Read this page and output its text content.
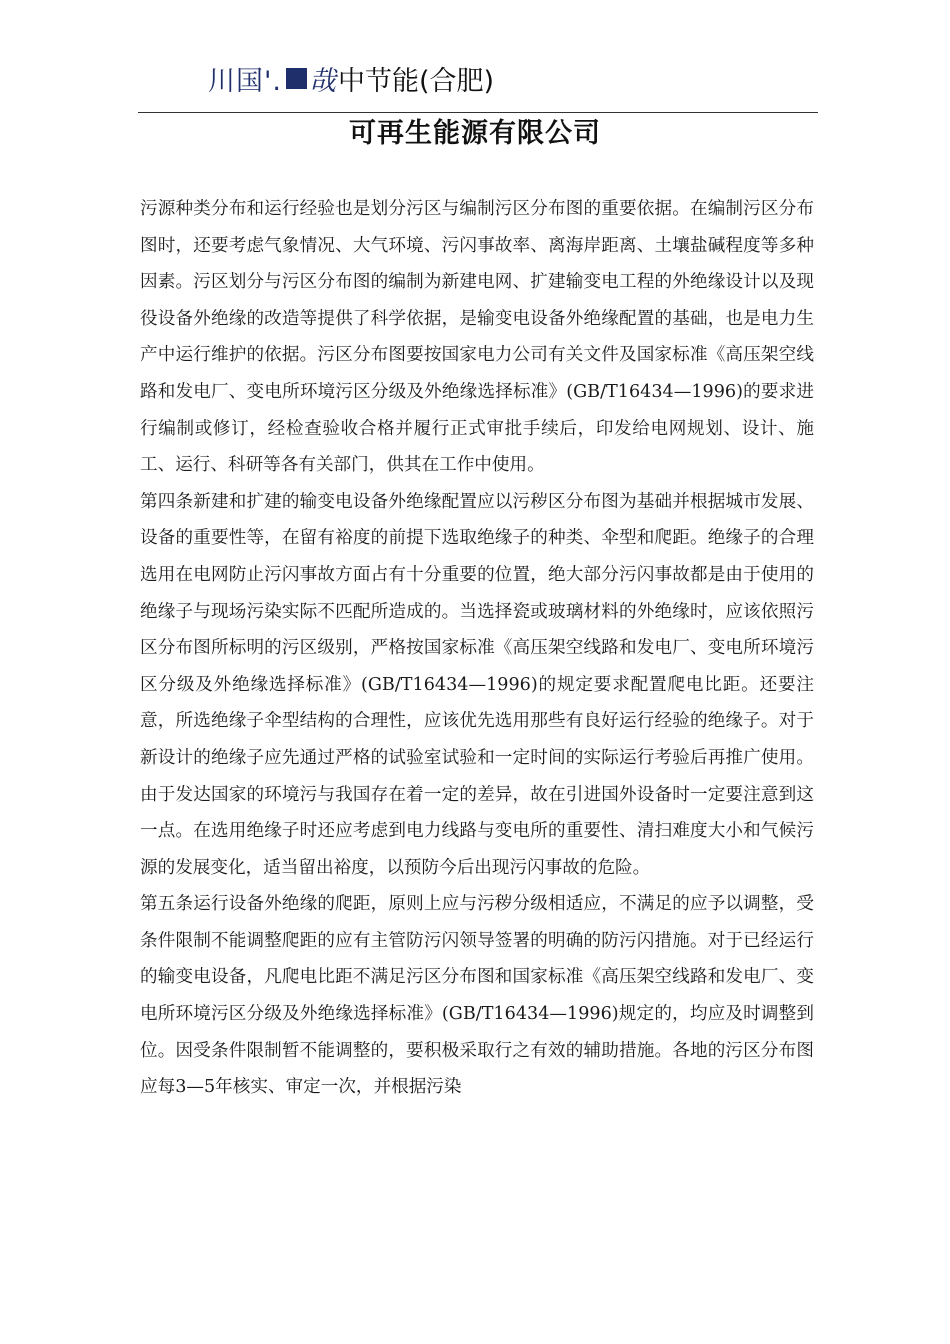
川国'. 哉 中节能(合肥)
可再生能源有限公司

污源种类分布和运行经验也是划分污区与编制污区分布图的重要依据。在编制污区分布图时，还要考虑气象情况、大气环境、污闪事故率、离海岸距离、土壤盐碱程度等多种因素。污区划分与污区分布图的编制为新建电网、扩建输变电工程的外绝缘设计以及现役设备外绝缘的改造等提供了科学依据，是输变电设备外绝缘配置的基础，也是电力生产中运行维护的依据。污区分布图要按国家电力公司有关文件及国家标准《高压架空线路和发电厂、变电所环境污区分级及外绝缘选择标准》(GB/T16434—1996)的要求进行编制或修订，经检查验收合格并履行正式审批手续后，印发给电网规划、设计、施工、运行、科研等各有关部门，供其在工作中使用。

第四条新建和扩建的输变电设备外绝缘配置应以污秽区分布图为基础并根据城市发展、设备的重要性等，在留有裕度的前提下选取绝缘子的种类、伞型和爬距。绝缘子的合理选用在电网防止污闪事故方面占有十分重要的位置，绝大部分污闪事故都是由于使用的绝缘子与现场污染实际不匹配所造成的。当选择瓷或玻璃材料的外绝缘时，应该依照污区分布图所标明的污区级别，严格按国家标准《高压架空线路和发电厂、变电所环境污区分级及外绝缘选择标准》(GB/T16434—1996)的规定要求配置爬电比距。还要注意，所选绝缘子伞型结构的合理性，应该优先选用那些有良好运行经验的绝缘子。对于新设计的绝缘子应先通过严格的试验室试验和一定时间的实际运行考验后再推广使用。由于发达国家的环境污与我国存在着一定的差异，故在引进国外设备时一定要注意到这一点。在选用绝缘子时还应考虑到电力线路与变电所的重要性、清扫难度大小和气候污源的发展变化，适当留出裕度，以预防今后出现污闪事故的危险。

第五条运行设备外绝缘的爬距，原则上应与污秽分级相适应，不满足的应予以调整，受条件限制不能调整爬距的应有主管防污闪领导签署的明确的防污闪措施。对于已经运行的输变电设备，凡爬电比距不满足污区分布图和国家标准《高压架空线路和发电厂、变电所环境污区分级及外绝缘选择标准》(GB/T16434—1996)规定的，均应及时调整到位。因受条件限制暂不能调整的，要积极采取行之有效的辅助措施。各地的污区分布图应每3—5年核实、审定一次，并根据污染
